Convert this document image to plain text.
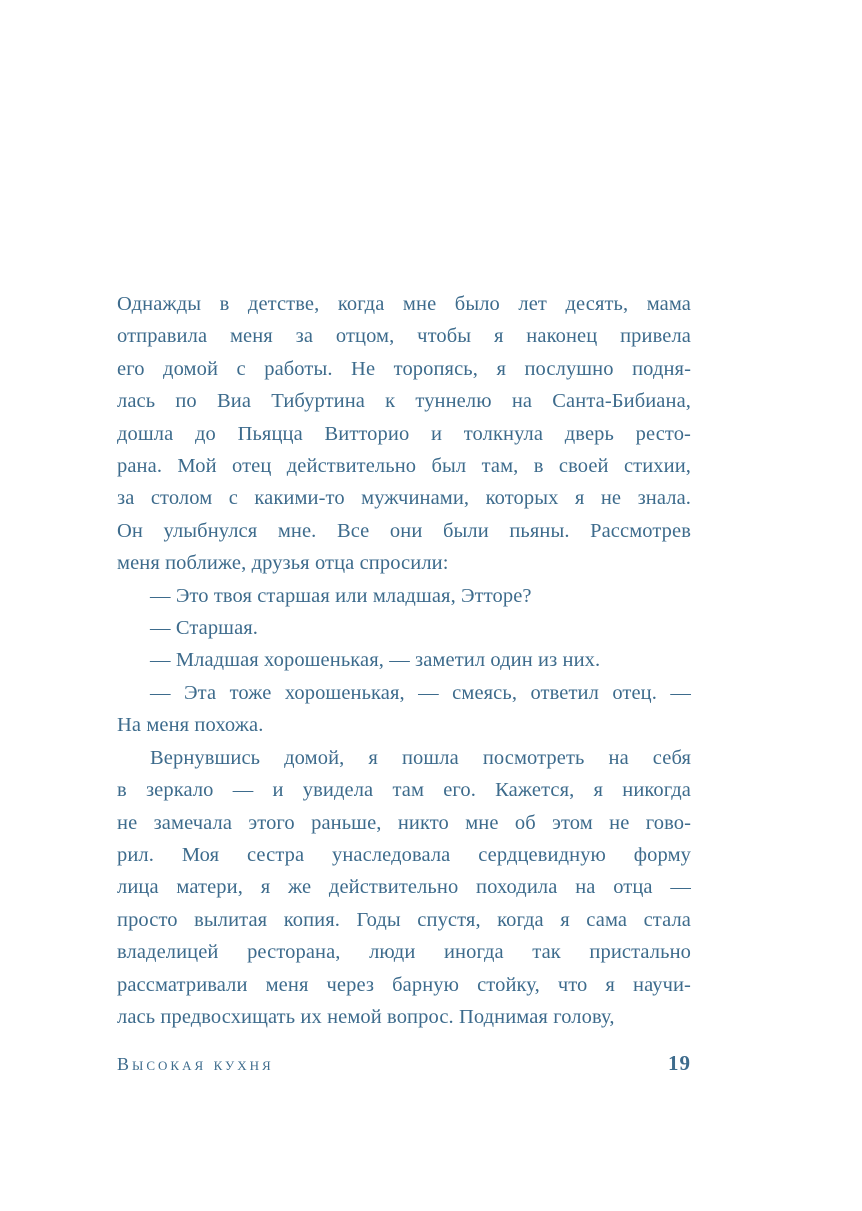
Однажды в детстве, когда мне было лет десять, мама
отправила меня за отцом, чтобы я наконец привела
его домой с работы. Не торопясь, я послушно подня-
лась по Виа Тибуртина к туннелю на Санта-Бибиана,
дошла до Пьяцца Витторио и толкнула дверь ресто-
рана. Мой отец действительно был там, в своей стихии,
за столом с какими-то мужчинами, которых я не знала.
Он улыбнулся мне. Все они были пьяны. Рассмотрев
меня поближе, друзья отца спросили:
— Это твоя старшая или младшая, Этторе?
— Старшая.
— Младшая хорошенькая, — заметил один из них.
— Эта тоже хорошенькая, — смеясь, ответил отец. —
На меня похожа.
Вернувшись домой, я пошла посмотреть на себя
в зеркало — и увидела там его. Кажется, я никогда
не замечала этого раньше, никто мне об этом не гово-
рил. Моя сестра унаследовала сердцевидную форму
лица матери, я же действительно походила на отца —
просто вылитая копия. Годы спустя, когда я сама стала
владелицей ресторана, люди иногда так пристально
рассматривали меня через барную стойку, что я научи-
лась предвосхищать их немой вопрос. Поднимая голову,
Высокая кухня	19
